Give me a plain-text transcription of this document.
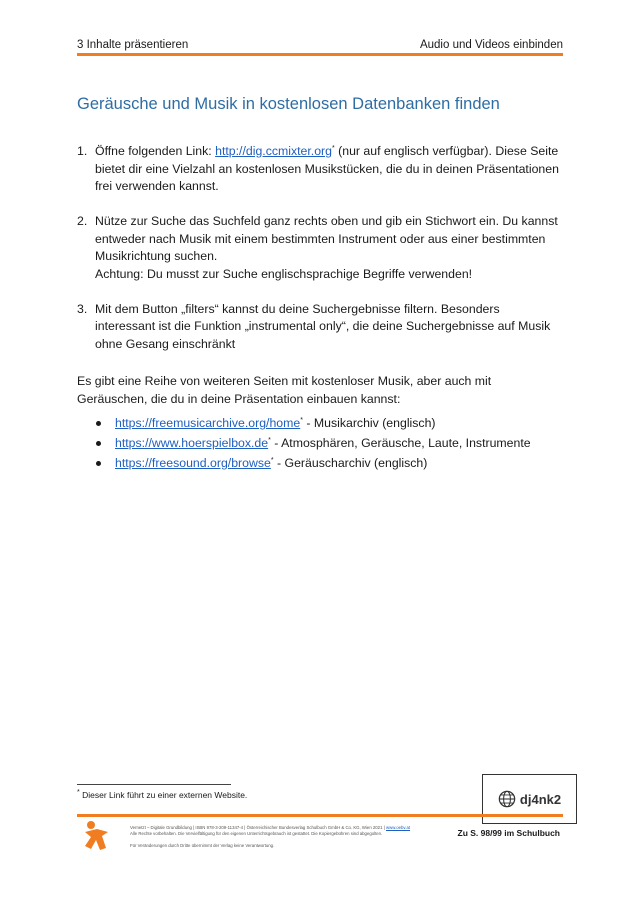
3 Inhalte präsentieren	Audio und Videos einbinden
Geräusche und Musik in kostenlosen Datenbanken finden
1. Öffne folgenden Link: http://dig.ccmixter.org* (nur auf englisch verfügbar). Diese Seite bietet dir eine Vielzahl an kostenlosen Musikstücken, die du in deinen Präsentationen frei verwenden kannst.
2. Nütze zur Suche das Suchfeld ganz rechts oben und gib ein Stichwort ein. Du kannst entweder nach Musik mit einem bestimmten Instrument oder aus einer bestimmten Musikrichtung suchen.
Achtung: Du musst zur Suche englischsprachige Begriffe verwenden!
3. Mit dem Button „filters“ kannst du deine Suchergebnisse filtern. Besonders interessant ist die Funktion „instrumental only“, die deine Suchergebnisse auf Musik ohne Gesang einschränkt

Es gibt eine Reihe von weiteren Seiten mit kostenloser Musik, aber auch mit Geräuschen, die du in deine Präsentation einbauen kannst:

https://freemusicarchive.org/home* - Musikarchiv (englisch)
https://www.hoerspielbox.de* - Atmosphären, Geräusche, Laute, Instrumente
https://freesound.org/browse* - Geräuscharchiv (englisch)
* Dieser Link führt zu einer externen Website.	dj4nk2
Vernetzt – Digitale Grundbildung | ISBN 978-3-209-11347-4 | Österreichischer Bundesverlag Schulbuch GmbH & Co. KG, Wien 2021 | www.oebv.at
Alle Rechte vorbehalten. Die Vervielfältigung für den eigenen Unterrichtsgebrauch ist gestattet. Die Kopiergebühren sind abgegolten.
Für Veränderungen durch Dritte übernimmt der Verlag keine Verantwortung.
Zu S. 98/99 im Schulbuch
